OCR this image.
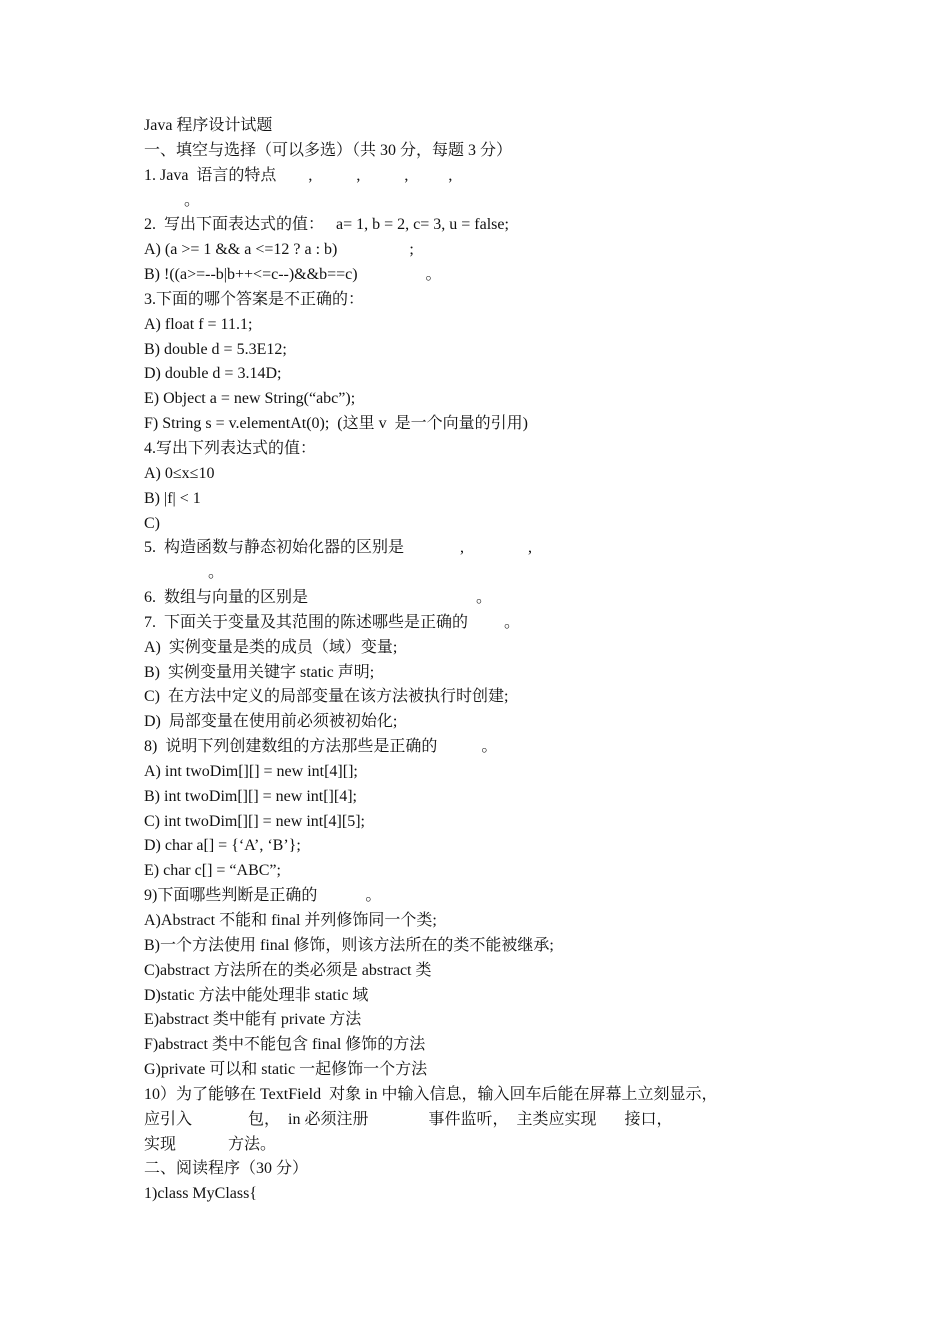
Java 程序设计试题
一、填空与选择（可以多选）（共 30 分，每题 3 分）
1. Java  语言的特点        ,           ,           ,          ,
。
2.  写出下面表达式的值：   a= 1, b = 2, c= 3, u = false;
A) (a >= 1 && a <=12 ? a : b)                  ;
B) !((a>=--b|b++<=c--)&&b==c)                 。
3.下面的哪个答案是不正确的：
A) float f = 11.1;
B) double d = 5.3E12;
D) double d = 3.14D;
E) Object a = new String(“abc”);
F) String s = v.elementAt(0);  (这里 v  是一个向量的引用)
4.写出下列表达式的值：
A) 0≤x≤10
B) |f| < 1
C)
5.  构造函数与静态初始化器的区别是              ,                ,
。
6.  数组与向量的区别是                                          。
7.  下面关于变量及其范围的陈述哪些是正确的         。
A)  实例变量是类的成员（域）变量;
B)  实例变量用关键字 static 声明;
C)  在方法中定义的局部变量在该方法被执行时创建;
D)  局部变量在使用前必须被初始化;
8)  说明下列创建数组的方法那些是正确的           。
A) int twoDim[][] = new int[4][];
B) int twoDim[][] = new int[][4];
C) int twoDim[][] = new int[4][5];
D) char a[] = {‘A’, ‘B’};
E) char c[] = “ABC”;
9)下面哪些判断是正确的            。
A)Abstract 不能和 final 并列修饰同一个类;
B)一个方法使用 final 修饰，则该方法所在的类不能被继承;
C)abstract 方法所在的类必须是 abstract 类
D)static 方法中能处理非 static 域
E)abstract 类中能有 private 方法
F)abstract 类中不能包含 final 修饰的方法
G)private 可以和 static 一起修饰一个方法
10）为了能够在 TextField  对象 in 中输入信息，输入回车后能在屏幕上立刻显示，
应引入              包，  in 必须注册               事件监听，  主类应实现       接口，
实现             方法。
二、阅读程序（30 分）
1)class MyClass{
